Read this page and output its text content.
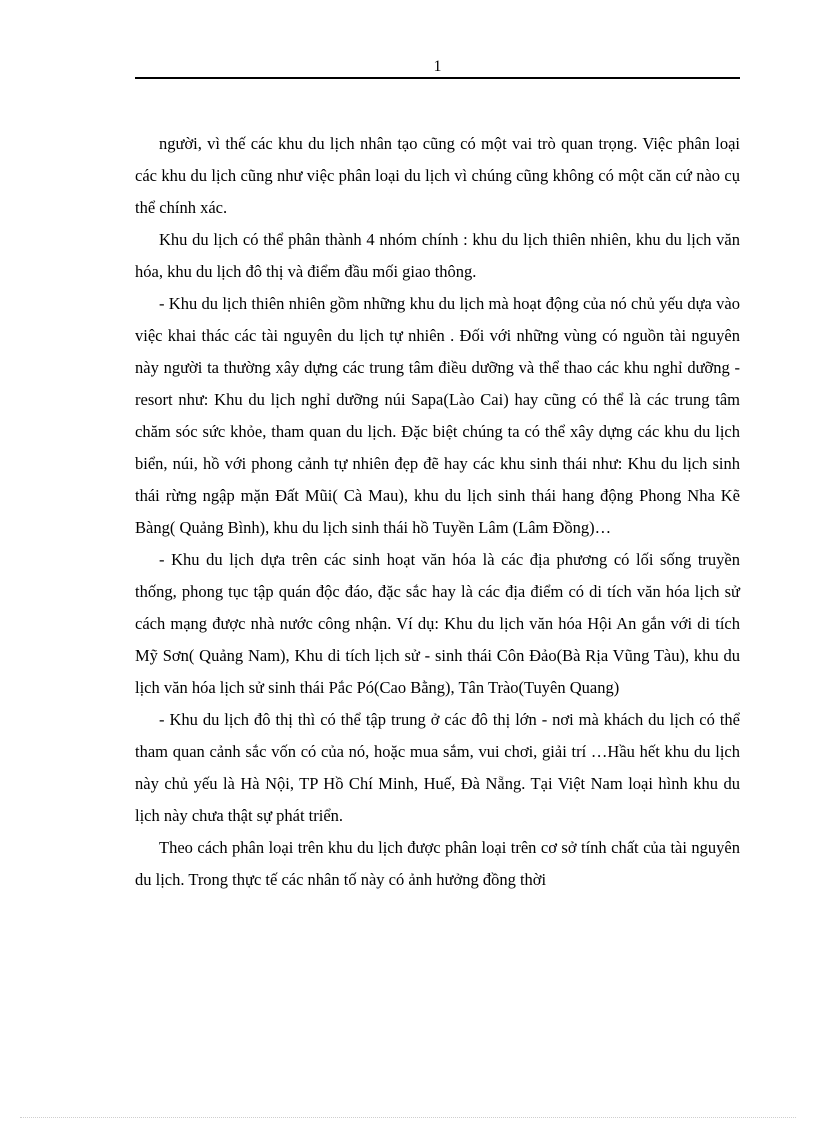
1

người, vì thế các khu du lịch nhân tạo cũng có một vai trò quan trọng. Việc phân loại các khu du lịch cũng như việc phân loại du lịch vì chúng cũng không có một căn cứ nào cụ thể chính xác.

Khu du lịch có thể phân thành 4 nhóm chính : khu du lịch thiên nhiên, khu du lịch văn hóa, khu du lịch đô thị và điểm đầu mối giao thông.

- Khu du lịch thiên nhiên gồm những khu du lịch mà hoạt động của nó chủ yếu dựa vào việc khai thác các tài nguyên du lịch tự nhiên . Đối với những vùng có nguồn tài nguyên này người ta thường xây dựng các trung tâm điều dưỡng và thể thao các khu nghỉ dưỡng - resort như: Khu du lịch nghỉ dưỡng núi Sapa(Lào Cai) hay cũng có thể là các trung tâm chăm sóc sức khỏe, tham quan du lịch. Đặc biệt chúng ta có thể xây dựng các khu du lịch biển, núi, hồ với phong cảnh tự nhiên đẹp đẽ hay các khu sinh thái như: Khu du lịch sinh thái rừng ngập mặn Đất Mũi( Cà Mau), khu du lịch sinh thái hang động Phong Nha Kẽ Bàng( Quảng Bình), khu du lịch sinh thái hồ Tuyền Lâm (Lâm Đồng)…

- Khu du lịch dựa trên các sinh hoạt văn hóa là các địa phương có lối sống truyền thống, phong tục tập quán độc đáo, đặc sắc hay là các địa điểm có di tích văn hóa lịch sử cách mạng được nhà nước công nhận. Ví dụ: Khu du lịch văn hóa Hội An gắn với di tích Mỹ Sơn( Quảng Nam), Khu di tích lịch sử - sinh thái Côn Đảo(Bà Rịa Vũng Tàu), khu du lịch văn hóa lịch sử sinh thái Pắc Pó(Cao Bằng), Tân Trào(Tuyên Quang)

- Khu du lịch đô thị thì có thể tập trung ở các đô thị lớn - nơi mà khách du lịch có thể tham quan cảnh sắc vốn có của nó, hoặc mua sắm, vui chơi, giải trí …Hầu hết khu du lịch này chủ yếu là Hà Nội, TP Hồ Chí Minh, Huế, Đà Nẵng. Tại Việt Nam loại hình khu du lịch này chưa thật sự phát triển.

Theo cách phân loại trên khu du lịch được phân loại trên cơ sở tính chất của tài nguyên du lịch. Trong thực tế các nhân tố này có ảnh hưởng đồng thời
